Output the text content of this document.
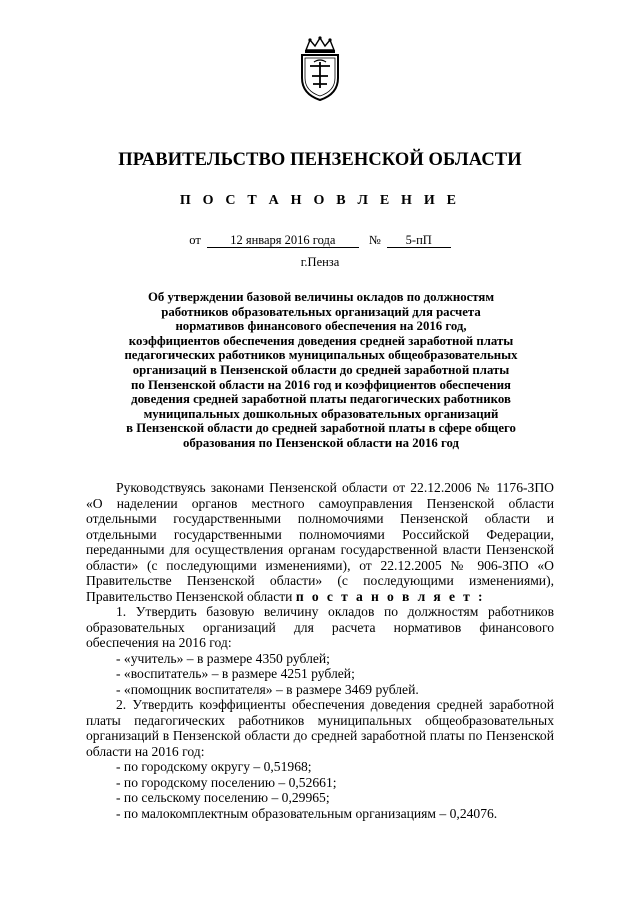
ПРАВИТЕЛЬСТВО ПЕНЗЕНСКОЙ ОБЛАСТИ
П О С Т А Н О В Л Е Н И Е
от 12 января 2016 года	№ 5-пП
г.Пенза
Об утверждении базовой величины окладов по должностям
работников образовательных организаций для расчета
нормативов финансового обеспечения на 2016 год,
коэффициентов обеспечения доведения средней заработной платы
педагогических работников муниципальных общеобразовательных
организаций в Пензенской области до средней заработной платы
по Пензенской области на 2016 год и коэффициентов обеспечения
доведения средней заработной платы педагогических работников
муниципальных дошкольных образовательных организаций
в Пензенской области до средней заработной платы в сфере общего
образования по Пензенской области на 2016 год

Руководствуясь законами Пензенской области от 22.12.2006 № 1176-ЗПО «О наделении органов местного самоуправления Пензенской области отдельными государственными полномочиями Пензенской области и отдельными государственными полномочиями Российской Федерации, переданными для осуществления органам государственной власти Пензенской области» (с последующими изменениями), от 22.12.2005 № 906-ЗПО «О Правительстве Пензенской области» (с последующими изменениями), Правительство Пензенской области п о с т а н о в л я е т :

1. Утвердить базовую величину окладов по должностям работников образовательных организаций для расчета нормативов финансового обеспечения на 2016 год:

- «учитель» – в размере 4350 рублей;

- «воспитатель» – в размере 4251 рублей;

- «помощник воспитателя» – в размере 3469 рублей.

2. Утвердить коэффициенты обеспечения доведения средней заработной платы педагогических работников муниципальных общеобразовательных организаций в Пензенской области до средней заработной платы по Пензенской области на 2016 год:

- по городскому округу – 0,51968;

- по городскому поселению – 0,52661;

- по сельскому поселению – 0,29965;

- по малокомплектным образовательным организациям – 0,24076.
